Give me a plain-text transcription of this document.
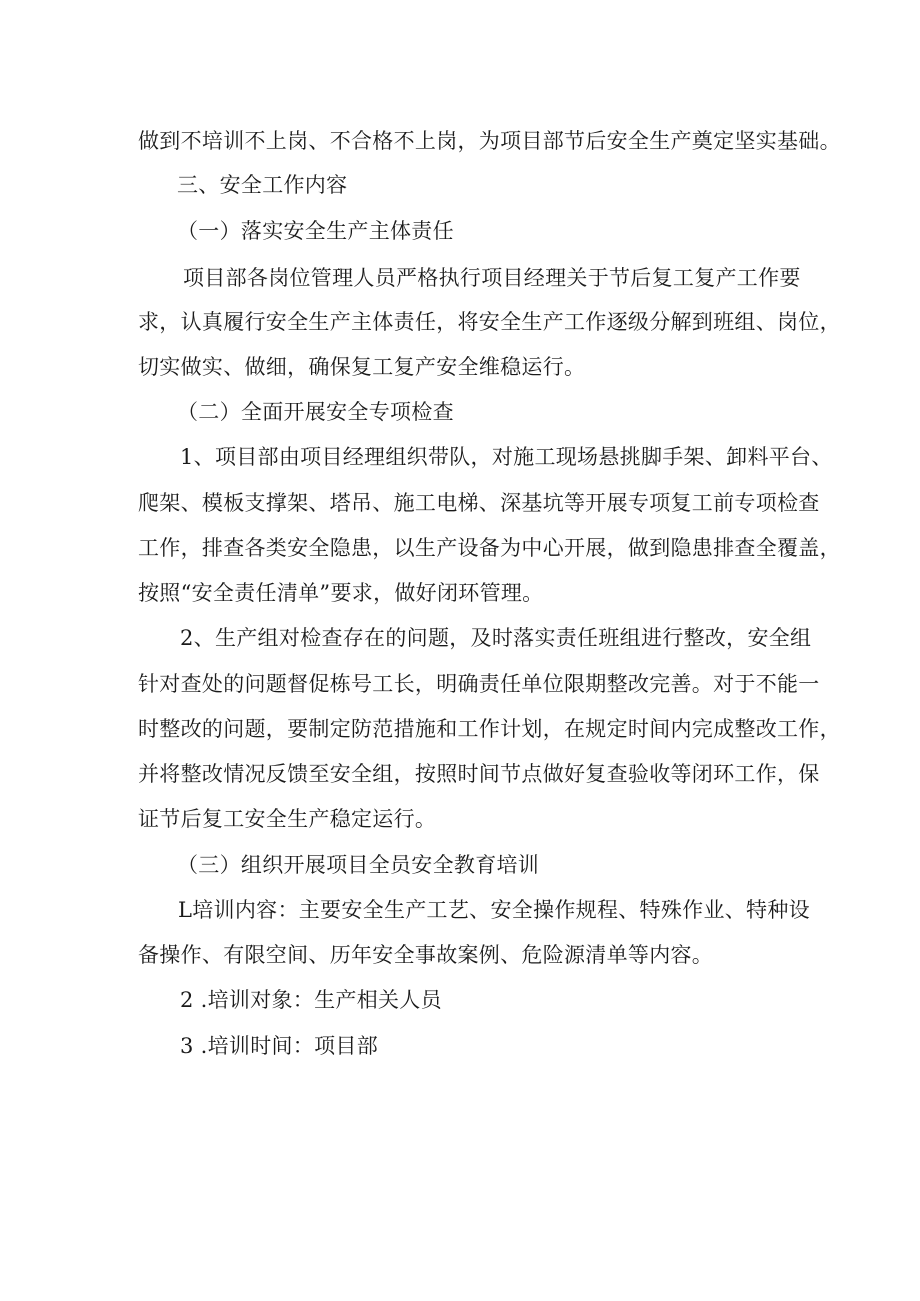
做到不培训不上岗、不合格不上岗，为项目部节后安全生产奠定坚实基础。

三、安全工作内容

（一）落实安全生产主体责任

项目部各岗位管理人员严格执行项目经理关于节后复工复产工作要

求，认真履行安全生产主体责任，将安全生产工作逐级分解到班组、岗位，

切实做实、做细，确保复工复产安全维稳运行。

（二）全面开展安全专项检查

1、项目部由项目经理组织带队，对施工现场悬挑脚手架、卸料平台、

爬架、模板支撑架、塔吊、施工电梯、深基坑等开展专项复工前专项检查

工作，排查各类安全隐患，以生产设备为中心开展，做到隐患排查全覆盖，

按照“安全责任清单”要求，做好闭环管理。

2、生产组对检查存在的问题，及时落实责任班组进行整改，安全组

针对查处的问题督促栋号工长，明确责任单位限期整改完善。对于不能一

时整改的问题，要制定防范措施和工作计划，在规定时间内完成整改工作，

并将整改情况反馈至安全组，按照时间节点做好复查验收等闭环工作，保

证节后复工安全生产稳定运行。

（三）组织开展项目全员安全教育培训

L培训内容：主要安全生产工艺、安全操作规程、特殊作业、特种设

备操作、有限空间、历年安全事故案例、危险源清单等内容。

2 .培训对象：生产相关人员

3 .培训时间：项目部
